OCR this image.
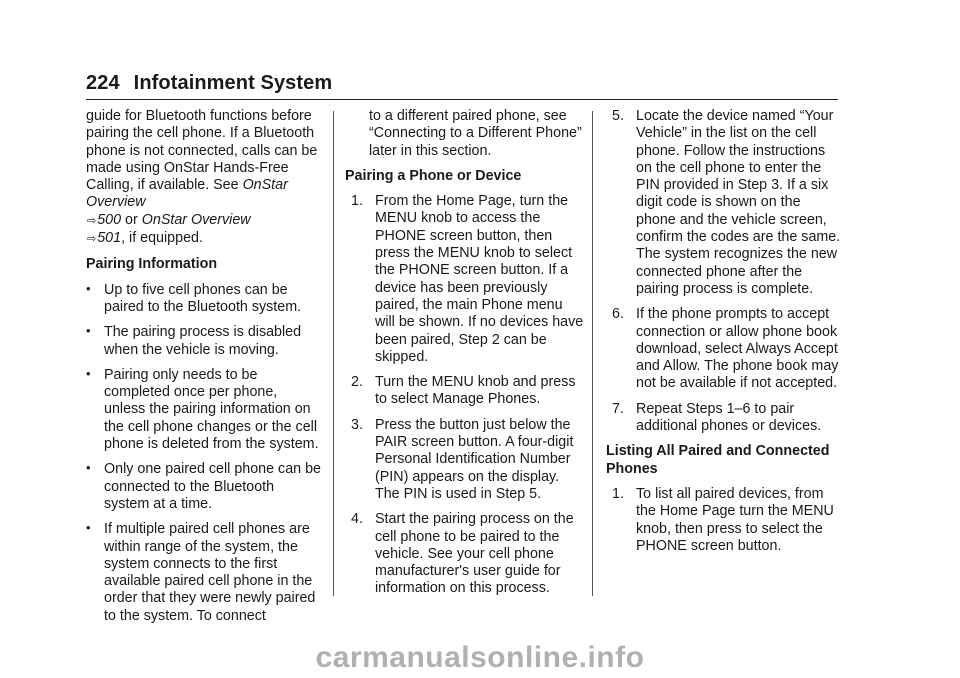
224 Infotainment System

guide for Bluetooth functions before pairing the cell phone. If a Bluetooth phone is not connected, calls can be made using OnStar Hands-Free Calling, if available. See OnStar Overview
⇨500 or OnStar Overview
⇨501, if equipped.

Pairing Information
• Up to five cell phones can be paired to the Bluetooth system.
• The pairing process is disabled when the vehicle is moving.
• Pairing only needs to be completed once per phone, unless the pairing information on the cell phone changes or the cell phone is deleted from the system.
• Only one paired cell phone can be connected to the Bluetooth system at a time.
• If multiple paired cell phones are within range of the system, the system connects to the first available paired cell phone in the order that they were newly paired to the system. To connect

to a different paired phone, see “Connecting to a Different Phone” later in this section.

Pairing a Phone or Device
1. From the Home Page, turn the MENU knob to access the PHONE screen button, then press the MENU knob to select the PHONE screen button. If a device has been previously paired, the main Phone menu will be shown. If no devices have been paired, Step 2 can be skipped.
2. Turn the MENU knob and press to select Manage Phones.
3. Press the button just below the PAIR screen button. A four-digit Personal Identification Number (PIN) appears on the display. The PIN is used in Step 5.
4. Start the pairing process on the cell phone to be paired to the vehicle. See your cell phone manufacturer's user guide for information on this process.
5. Locate the device named “Your Vehicle” in the list on the cell phone. Follow the instructions on the cell phone to enter the PIN provided in Step 3. If a six digit code is shown on the phone and the vehicle screen, confirm the codes are the same. The system recognizes the new connected phone after the pairing process is complete.
6. If the phone prompts to accept connection or allow phone book download, select Always Accept and Allow. The phone book may not be available if not accepted.
7. Repeat Steps 1–6 to pair additional phones or devices.
Listing All Paired and Connected Phones
1. To list all paired devices, from the Home Page turn the MENU knob, then press to select the PHONE screen button.
carmanualsonline.info
